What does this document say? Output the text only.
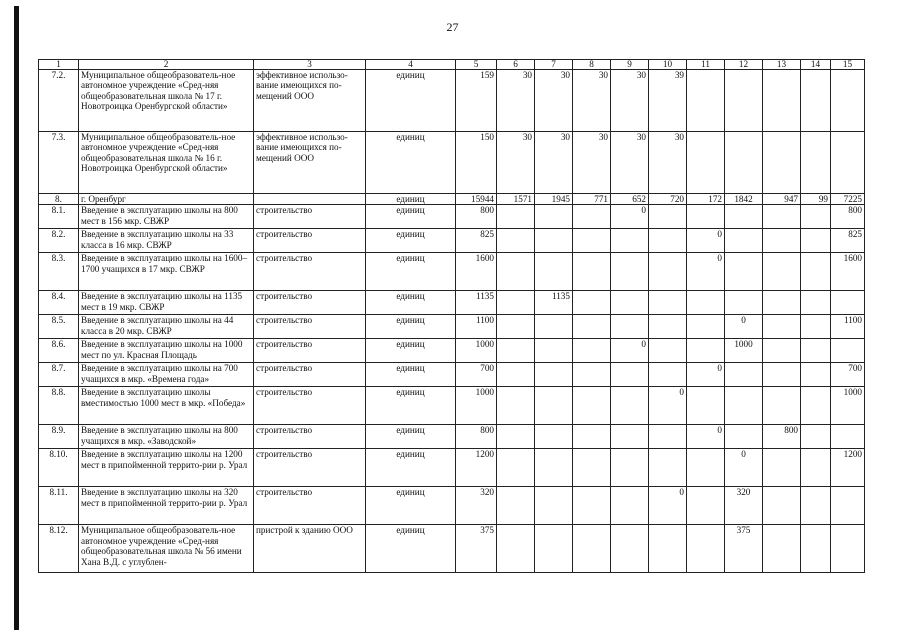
27
1	2	3	4	5	6	7	8	9	10	11	12	13	14	15
7.2.	Муниципальное общеобразователь-ное автономное учреждение «Сред-няя общеобразовательная школа № 17 г. Новотроицка Оренбургской области»	эффективное использо-вание имеющихся по-мещений ООО	единиц	159	30	30	30	30	39					
7.3.	Муниципальное общеобразователь-ное автономное учреждение «Сред-няя общеобразовательная школа № 16 г. Новотроицка Оренбургской области»	эффективное использо-вание имеющихся по-мещений ООО	единиц	150	30	30	30	30	30					
8.	г. Оренбург		единиц	15944	1571	1945	771	652	720	172	1842	947	99	7225
8.1.	Введение в эксплуатацию школы на 800 мест в 156 мкр. СВЖР	строительство	единиц	800				0						800
8.2.	Введение в эксплуатацию школы на 33 класса в 16 мкр. СВЖР	строительство	единиц	825						0				825
8.3.	Введение в эксплуатацию школы на 1600–1700 учащихся в 17 мкр. СВЖР	строительство	единиц	1600						0				1600
8.4.	Введение в эксплуатацию школы на 1135 мест в 19 мкр. СВЖР	строительство	единиц	1135		1135								
8.5.	Введение в эксплуатацию школы на 44 класса в 20 мкр. СВЖР	строительство	единиц	1100							0			1100
8.6.	Введение в эксплуатацию школы на 1000 мест по ул. Красная Площадь	строительство	единиц	1000				0			1000			
8.7.	Введение в эксплуатацию школы на 700 учащихся в мкр. «Времена года»	строительство	единиц	700						0				700
8.8.	Введение в эксплуатацию школы вместимостью 1000 мест в мкр. «Победа»	строительство	единиц	1000					0					1000
8.9.	Введение в эксплуатацию школы на 800 учащихся в мкр. «Заводской»	строительство	единиц	800						0		800		
8.10.	Введение в эксплуатацию школы на 1200 мест в припойменной террито-рии р. Урал	строительство	единиц	1200							0			1200
8.11.	Введение в эксплуатацию школы на 320 мест в припойменной террито-рии р. Урал	строительство	единиц	320					0		320			
8.12.	Муниципальное общеобразователь-ное автономное учреждение «Сред-няя общеобразовательная школа № 56 имени Хана В.Д. с углублен-	пристрой к зданию ООО	единиц	375							375			
